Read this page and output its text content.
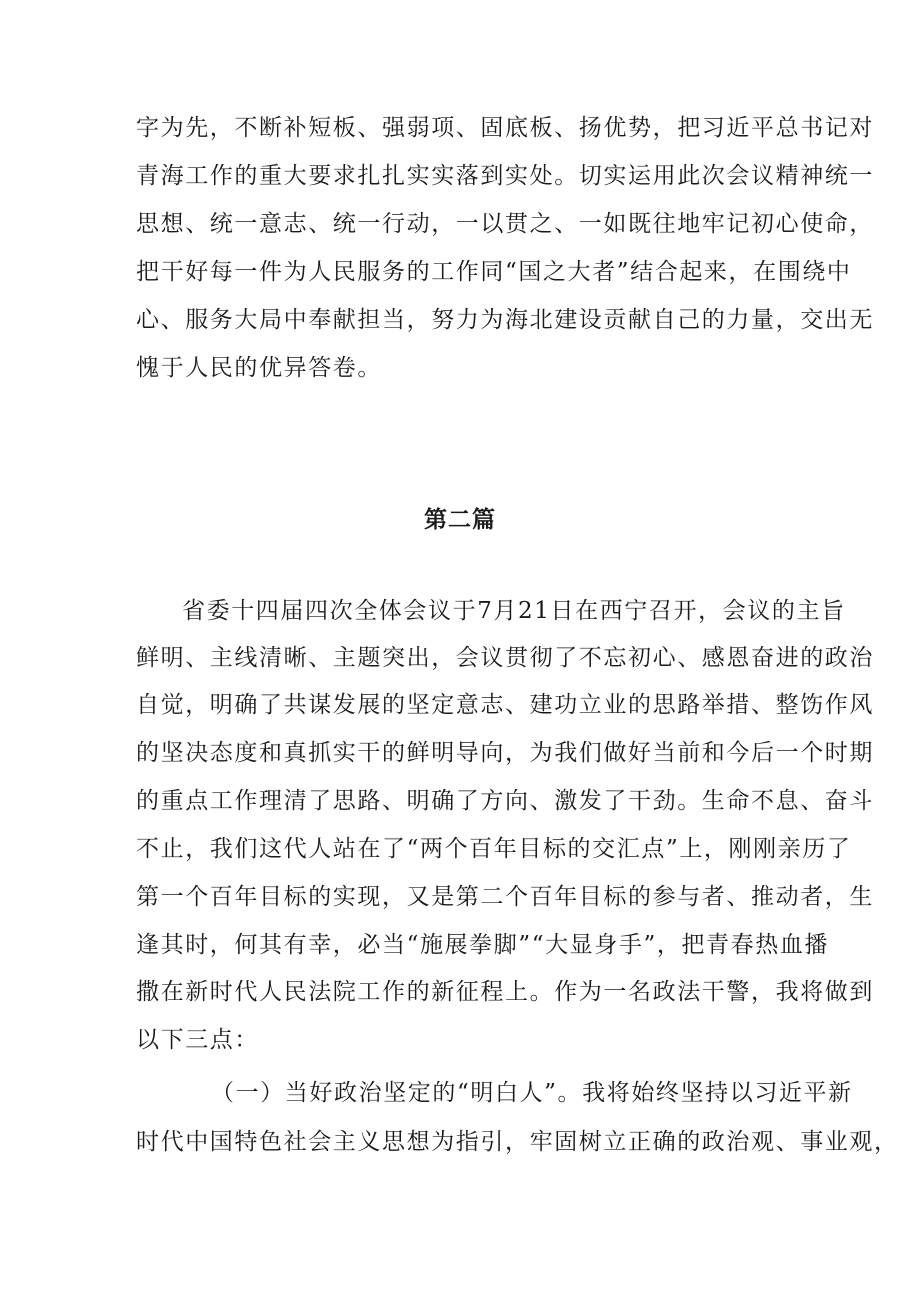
字为先，不断补短板、强弱项、固底板、扬优势，把习近平总书记对
青海工作的重大要求扎扎实实落到实处。切实运用此次会议精神统一
思想、统一意志、统一行动，一以贯之、一如既往地牢记初心使命，
把干好每一件为人民服务的工作同“国之大者”结合起来，在围绕中
心、服务大局中奉献担当，努力为海北建设贡献自己的力量，交出无
愧于人民的优异答卷。
第二篇
省委十四届四次全体会议于7月21日在西宁召开，会议的主旨
鲜明、主线清晰、主题突出，会议贯彻了不忘初心、感恩奋进的政治
自觉，明确了共谋发展的坚定意志、建功立业的思路举措、整饬作风
的坚决态度和真抓实干的鲜明导向，为我们做好当前和今后一个时期
的重点工作理清了思路、明确了方向、激发了干劲。生命不息、奋斗
不止，我们这代人站在了“两个百年目标的交汇点”上，刚刚亲历了
第一个百年目标的实现，又是第二个百年目标的参与者、推动者，生
逢其时，何其有幸，必当“施展拳脚”“大显身手”，把青春热血播
撒在新时代人民法院工作的新征程上。作为一名政法干警，我将做到
以下三点：
（一）当好政治坚定的“明白人”。我将始终坚持以习近平新
时代中国特色社会主义思想为指引，牢固树立正确的政治观、事业观，
